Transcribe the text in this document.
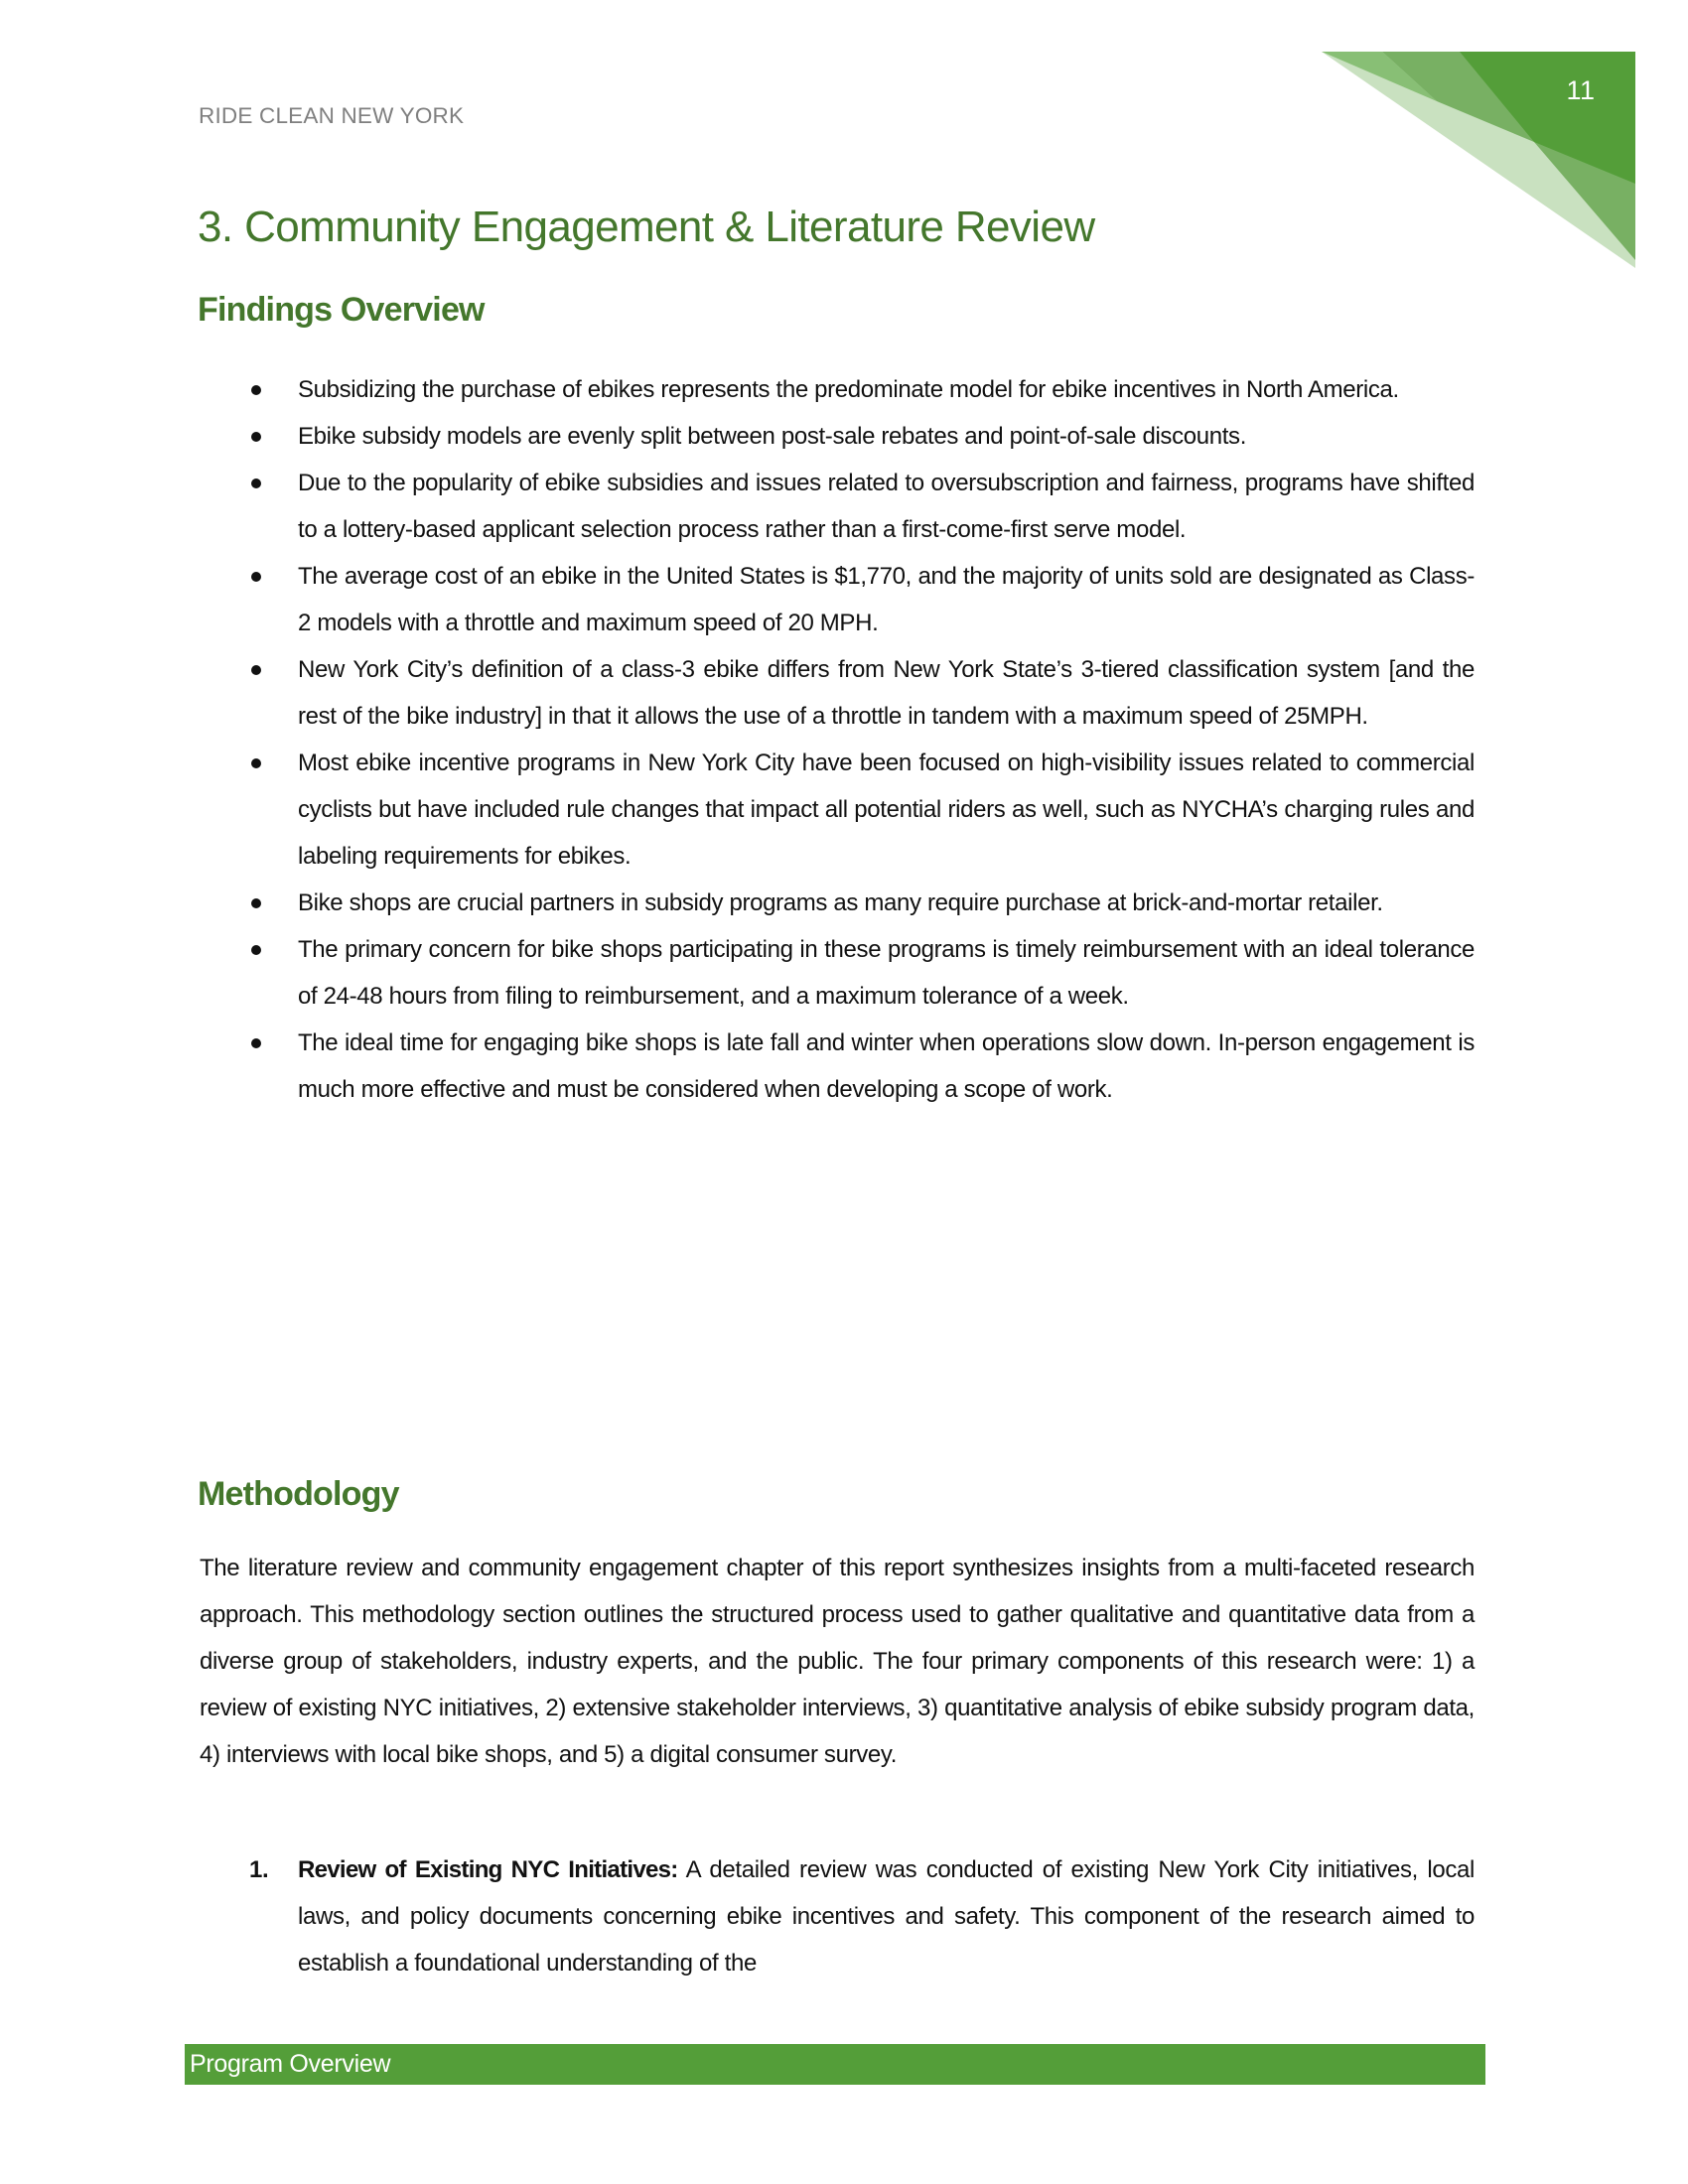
11
RIDE CLEAN NEW YORK
3. Community Engagement & Literature Review
Findings Overview
Subsidizing the purchase of ebikes represents the predominate model for ebike incentives in North America.
Ebike subsidy models are evenly split between post-sale rebates and point-of-sale discounts.
Due to the popularity of ebike subsidies and issues related to oversubscription and fairness, programs have shifted to a lottery-based applicant selection process rather than a first-come-first serve model.
The average cost of an ebike in the United States is $1,770, and the majority of units sold are designated as Class-2 models with a throttle and maximum speed of 20 MPH.
New York City’s definition of a class-3 ebike differs from New York State’s 3-tiered classification system [and the rest of the bike industry] in that it allows the use of a throttle in tandem with a maximum speed of 25MPH.
Most ebike incentive programs in New York City have been focused on high-visibility issues related to commercial cyclists but have included rule changes that impact all potential riders as well, such as NYCHA’s charging rules and labeling requirements for ebikes.
Bike shops are crucial partners in subsidy programs as many require purchase at brick-and-mortar retailer.
The primary concern for bike shops participating in these programs is timely reimbursement with an ideal tolerance of 24-48 hours from filing to reimbursement, and a maximum tolerance of a week.
The ideal time for engaging bike shops is late fall and winter when operations slow down. In-person engagement is much more effective and must be considered when developing a scope of work.
Methodology

The literature review and community engagement chapter of this report synthesizes insights from a multi-faceted research approach. This methodology section outlines the structured process used to gather qualitative and quantitative data from a diverse group of stakeholders, industry experts, and the public. The four primary components of this research were: 1) a review of existing NYC initiatives, 2) extensive stakeholder interviews, 3) quantitative analysis of ebike subsidy program data, 4) interviews with local bike shops, and 5) a digital consumer survey.

1. Review of Existing NYC Initiatives: A detailed review was conducted of existing New York City initiatives, local laws, and policy documents concerning ebike incentives and safety. This component of the research aimed to establish a foundational understanding of the
Program Overview
